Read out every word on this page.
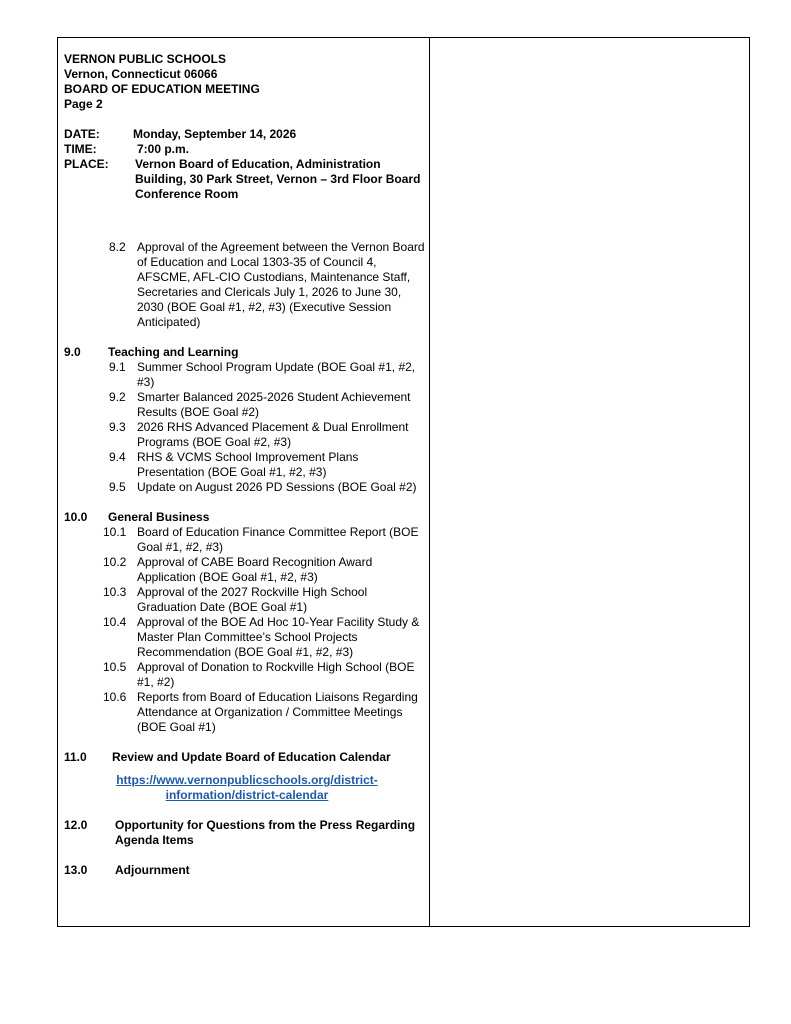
VERNON PUBLIC SCHOOLS
Vernon, Connecticut 06066
BOARD OF EDUCATION MEETING
Page 2
DATE:	Monday, September 14, 2026
TIME:	7:00 p.m.
PLACE: Vernon Board of Education, Administration Building, 30 Park Street, Vernon – 3rd Floor Board Conference Room
8.2 Approval of the Agreement between the Vernon Board of Education and Local 1303-35 of Council 4, AFSCME, AFL-CIO Custodians, Maintenance Staff, Secretaries and Clericals July 1, 2026 to June 30, 2030 (BOE Goal #1, #2, #3) (Executive Session Anticipated)
9.0 Teaching and Learning
9.1 Summer School Program Update (BOE Goal #1, #2, #3)
9.2 Smarter Balanced 2025-2026 Student Achievement Results (BOE Goal #2)
9.3 2026 RHS Advanced Placement & Dual Enrollment Programs (BOE Goal #2, #3)
9.4 RHS & VCMS School Improvement Plans Presentation (BOE Goal #1, #2, #3)
9.5 Update on August 2026 PD Sessions (BOE Goal #2)
10.0 General Business
10.1 Board of Education Finance Committee Report (BOE Goal #1, #2, #3)
10.2 Approval of CABE Board Recognition Award Application (BOE Goal #1, #2, #3)
10.3 Approval of the 2027 Rockville High School Graduation Date (BOE Goal #1)
10.4 Approval of the BOE Ad Hoc 10-Year Facility Study & Master Plan Committee’s School Projects Recommendation (BOE Goal #1, #2, #3)
10.5 Approval of Donation to Rockville High School (BOE #1, #2)
10.6 Reports from Board of Education Liaisons Regarding Attendance at Organization / Committee Meetings (BOE Goal #1)
11.0 Review and Update Board of Education Calendar
https://www.vernonpublicschools.org/district-information/district-calendar
12.0 Opportunity for Questions from the Press Regarding Agenda Items
13.0 Adjournment
